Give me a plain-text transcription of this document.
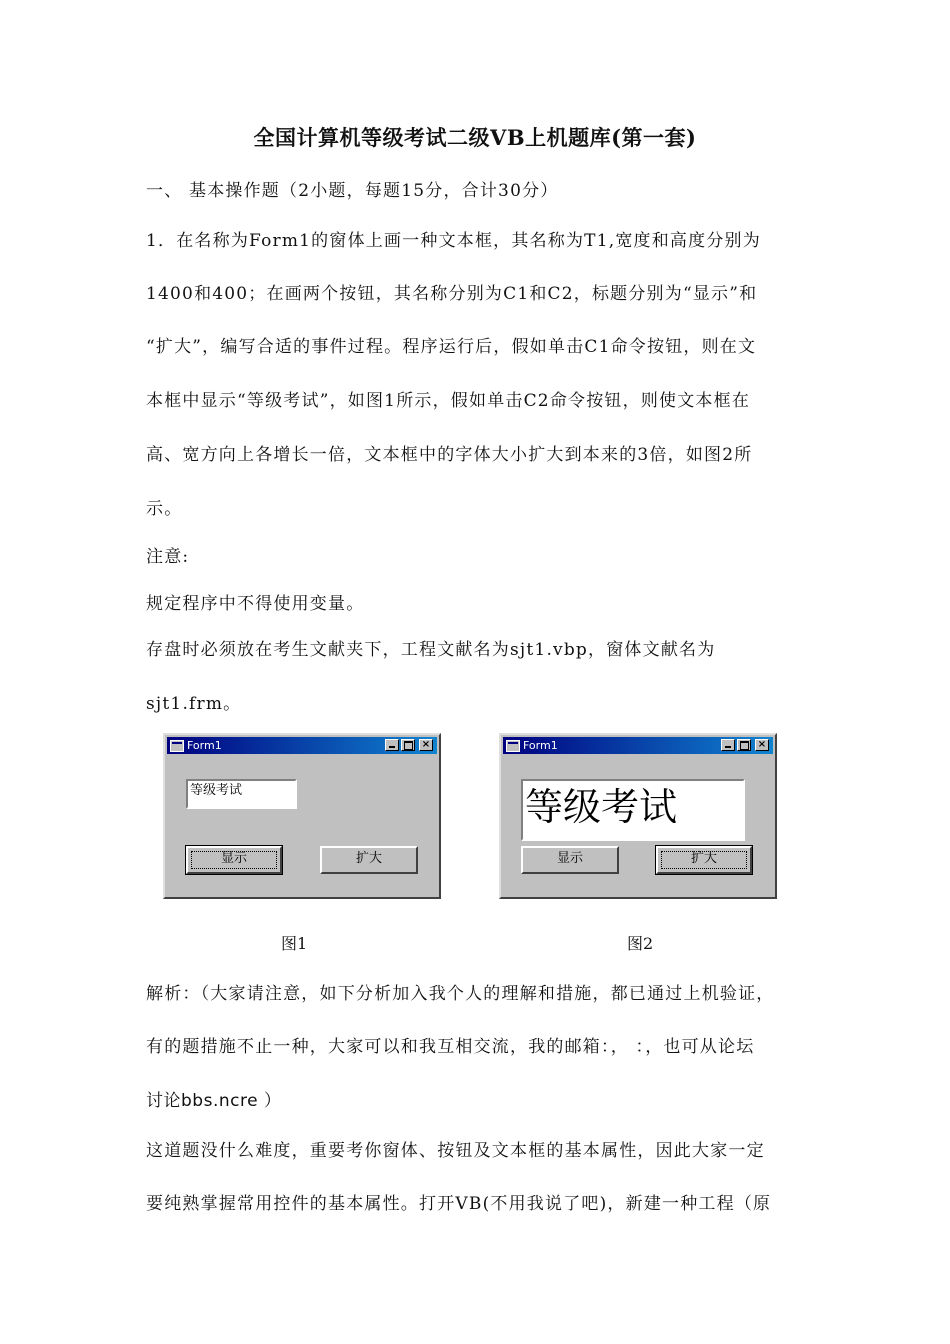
全国计算机等级考试二级VB上机题库(第一套)
一、 基本操作题（2小题，每题15分，合计30分）
1．在名称为Form1的窗体上画一种文本框，其名称为T1,宽度和高度分别为
1400和400；在画两个按钮，其名称分别为C1和C2，标题分别为“显示”和
“扩大”，编写合适的事件过程。程序运行后，假如单击C1命令按钮，则在文
本框中显示“等级考试”，如图1所示，假如单击C2命令按钮，则使文本框在
高、宽方向上各增长一倍，文本框中的字体大小扩大到本来的3倍，如图2所
示。
注意:
规定程序中不得使用变量。
存盘时必须放在考生文献夹下，工程文献名为sjt1.vbp，窗体文献名为
sjt1.frm。
Form1	×
等级考试
显示	扩大
图1
Form1	×
等级考试
显示	扩大
图2
解析：（大家请注意，如下分析加入我个人的理解和措施，都已通过上机验证，
有的题措施不止一种，大家可以和我互相交流，我的邮箱：， ：，也可从论坛
讨论bbs.ncre ）
这道题没什么难度，重要考你窗体、按钮及文本框的基本属性，因此大家一定
要纯熟掌握常用控件的基本属性。打开VB(不用我说了吧)，新建一种工程（原
